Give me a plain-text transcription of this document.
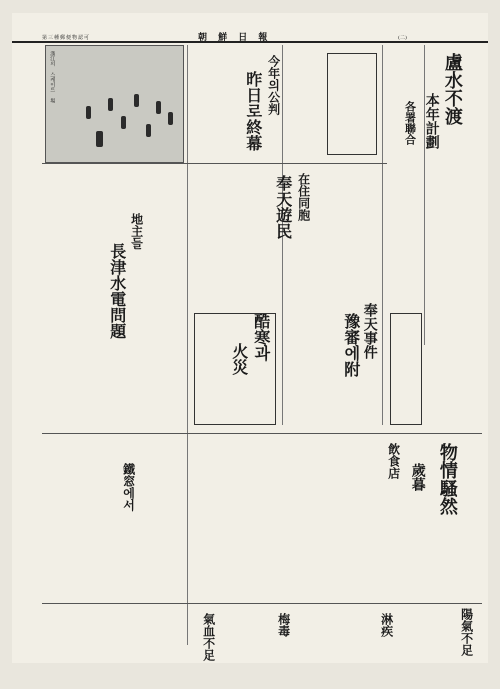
第三種郵便物認可	朝 鮮 日 報	(二)
漢江의 스케이트 場	盧水不渡
本年計劃
各署聯合
今年의公判
昨日로終幕
在住同胞
奉天遊民
地主들
長津水電問題	奉天事件
豫審에附
酷寒과
火災
物情騷然
歲暮
陽氣不足
氣血不足	梅毒	淋疾
飲食店
鐵窓에서
